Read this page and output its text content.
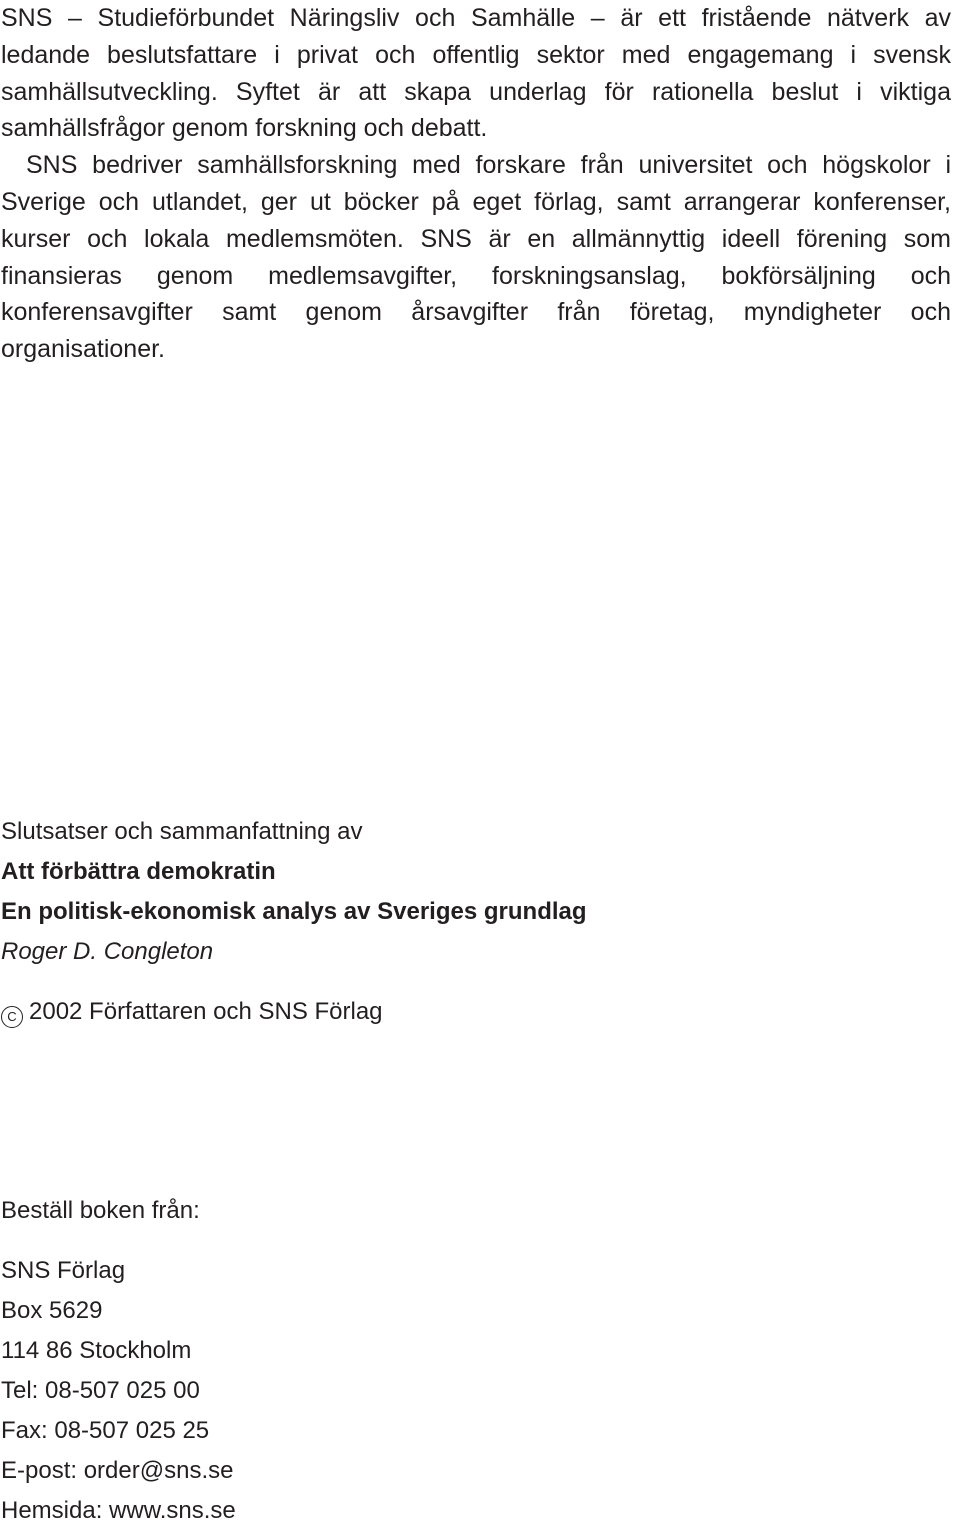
SNS – Studieförbundet Näringsliv och Samhälle – är ett fristående nätverk av ledande beslutsfattare i privat och offentlig sektor med engagemang i svensk samhällsutveckling. Syftet är att skapa underlag för rationella beslut i viktiga samhällsfrågor genom forskning och debatt.

SNS bedriver samhällsforskning med forskare från universitet och högskolor i Sverige och utlandet, ger ut böcker på eget förlag, samt arrangerar konferenser, kurser och lokala medlemsmöten. SNS är en allmännyttig ideell förening som finansieras genom medlemsavgifter, forskningsanslag, bokförsäljning och konferensavgifter samt genom årsavgifter från företag, myndigheter och organisationer.

Slutsatser och sammanfattning av
Att förbättra demokratin
En politisk-ekonomisk analys av Sveriges grundlag
Roger D. Congleton
C 2002 Författaren och SNS Förlag
Beställ boken från:
SNS Förlag
Box 5629
114 86 Stockholm
Tel: 08-507 025 00
Fax: 08-507 025 25
E-post: order@sns.se
Hemsida: www.sns.se
